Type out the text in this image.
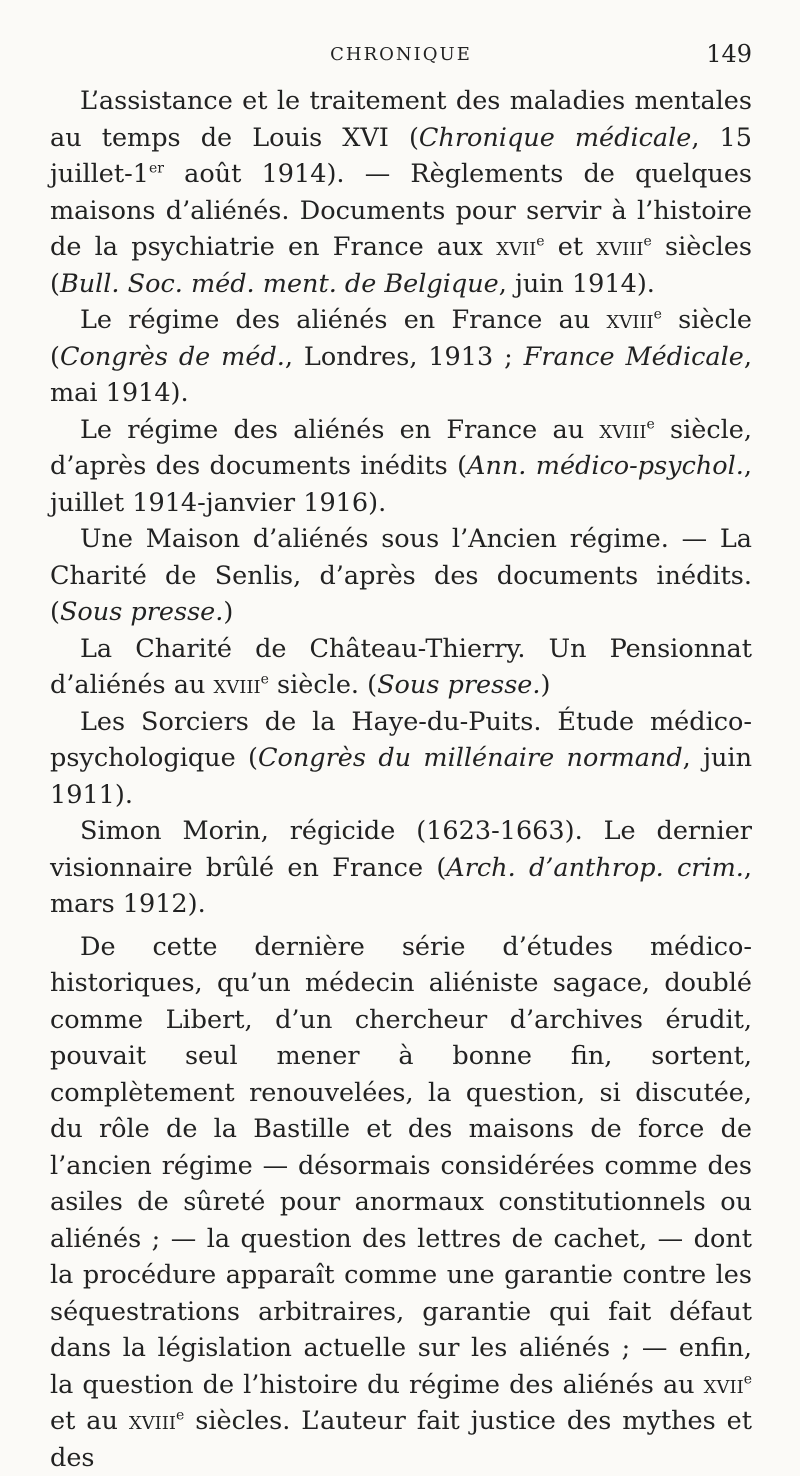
CHRONIQUE	149

L’assistance et le traitement des maladies mentales au temps de Louis XVI (Chronique médicale, 15 juillet-1er août 1914). — Règlements de quelques maisons d’aliénés. Documents pour servir à l’histoire de la psychiatrie en France aux xvii$^e$ et xviii$^e$ siècles (Bull. Soc. méd. ment. de Belgique, juin 1914).

Le régime des aliénés en France au xviii$^e$ siècle (Congrès de méd., Londres, 1913 ; France Médicale, mai 1914).

Le régime des aliénés en France au xviii$^e$ siècle, d’après des documents inédits (Ann. médico-psychol., juillet 1914-janvier 1916).

Une Maison d’aliénés sous l’Ancien régime. — La Charité de Senlis, d’après des documents inédits. (Sous presse.)

La Charité de Château-Thierry. Un Pensionnat d’aliénés au xviii$^e$ siècle. (Sous presse.)

Les Sorciers de la Haye-du-Puits. Étude médico-psychologique (Congrès du millénaire normand, juin 1911).

Simon Morin, régicide (1623-1663). Le dernier visionnaire brûlé en France (Arch. d’anthrop. crim., mars 1912).

De cette dernière série d’études médico-historiques, qu’un médecin aliéniste sagace, doublé comme Libert, d’un chercheur d’archives érudit, pouvait seul mener à bonne fin, sortent, complètement renouvelées, la question, si discutée, du rôle de la Bastille et des maisons de force de l’ancien régime — désormais considérées comme des asiles de sûreté pour anormaux constitutionnels ou aliénés ; — la question des lettres de cachet, — dont la procédure apparaît comme une garantie contre les séquestrations arbitraires, garantie qui fait défaut dans la législation actuelle sur les aliénés ; — enfin, la question de l’histoire du régime des aliénés au xvii$^e$ et au xviii$^e$ siècles. L’auteur fait justice des mythes et des
